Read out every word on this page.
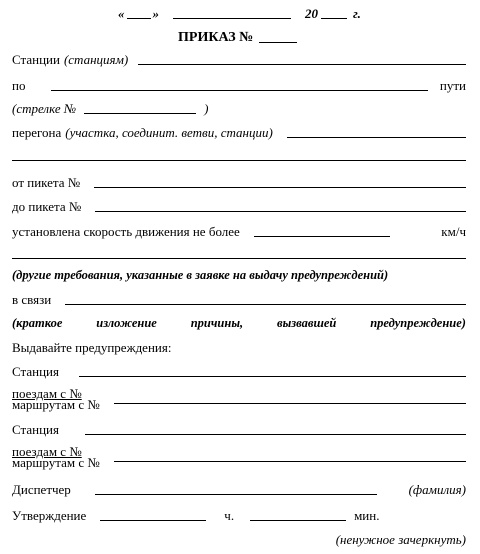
« »	20	г.
ПРИКАЗ №
Станции (станциям)
по	пути
(стрелке №	)
перегона (участка, соединит. ветви, станции)
от пикета №
до пикета №
установлена скорость движения не более	км/ч
(другие требования, указанные в заявке на выдачу предупреждений)
в связи
(краткое	изложение	причины,	вызвавшей	предупреждение)
Выдавайте предупреждения:
Станция
поездам с №
маршрутам с №
Станция
поездам с №
маршрутам с №
Диспетчер	(фамилия)
Утверждение	ч.	мин.
(ненужное зачеркнуть)
